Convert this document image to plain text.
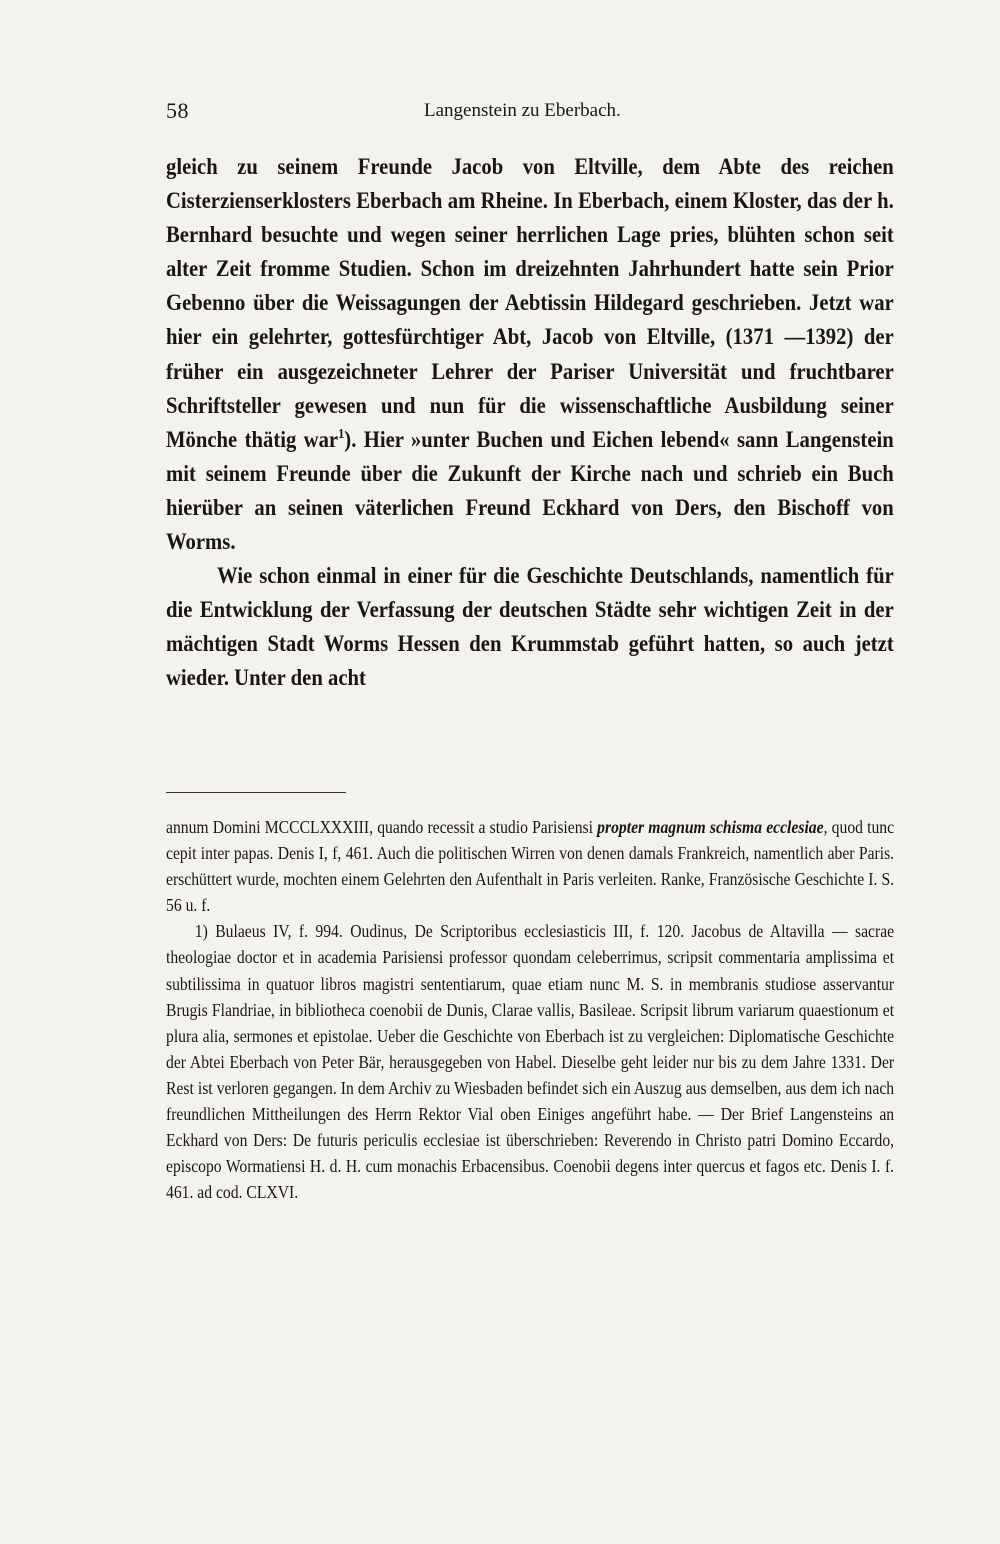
58	Langenstein zu Eberbach.

gleich zu seinem Freunde Jacob von Eltville, dem Abte des reichen Cisterzienserklosters Eberbach am Rheine. In Eberbach, einem Kloster, das der h. Bernhard besuchte und wegen seiner herrlichen Lage pries, blühten schon seit alter Zeit fromme Studien. Schon im dreizehnten Jahrhundert hatte sein Prior Gebenno über die Weissagungen der Aebtissin Hildegard geschrieben. Jetzt war hier ein gelehrter, gottesfürchtiger Abt, Jacob von Eltville, (1371 —1392) der früher ein ausgezeichneter Lehrer der Pariser Universität und fruchtbarer Schriftsteller gewesen und nun für die wissenschaftliche Ausbildung seiner Mönche thätig war$^1$). Hier »unter Buchen und Eichen lebend« sann Langenstein mit seinem Freunde über die Zukunft der Kirche nach und schrieb ein Buch hierüber an seinen väterlichen Freund Eckhard von Ders, den Bischoff von Worms.

Wie schon einmal in einer für die Geschichte Deutschlands, namentlich für die Entwicklung der Verfassung der deutschen Städte sehr wichtigen Zeit in der mächtigen Stadt Worms Hessen den Krummstab geführt hatten, so auch jetzt wieder. Unter den acht

annum Domini MCCCLXXXIII, quando recessit a studio Parisiensi propter magnum schisma ecclesiae, quod tunc cepit inter papas. Denis I, f, 461. Auch die politischen Wirren von denen damals Frankreich, namentlich aber Paris. erschüttert wurde, mochten einem Gelehrten den Aufenthalt in Paris verleiten. Ranke, Französische Geschichte I. S. 56 u. f.

1) Bulaeus IV, f. 994. Oudinus, De Scriptoribus ecclesiasticis III, f. 120. Jacobus de Altavilla — sacrae theologiae doctor et in academia Parisiensi professor quondam celeberrimus, scripsit commentaria amplissima et subtilissima in quatuor libros magistri sententiarum, quae etiam nunc M. S. in membranis studiose asservantur Brugis Flandriae, in bibliotheca coenobii de Dunis, Clarae vallis, Basileae. Scripsit librum variarum quaestionum et plura alia, sermones et epistolae. Ueber die Geschichte von Eberbach ist zu vergleichen: Diplomatische Geschichte der Abtei Eberbach von Peter Bär, herausgegeben von Habel. Dieselbe geht leider nur bis zu dem Jahre 1331. Der Rest ist verloren gegangen. In dem Archiv zu Wiesbaden befindet sich ein Auszug aus demselben, aus dem ich nach freundlichen Mittheilungen des Herrn Rektor Vial oben Einiges angeführt habe. — Der Brief Langensteins an Eckhard von Ders: De futuris periculis ecclesiae ist überschrieben: Reverendo in Christo patri Domino Eccardo, episcopo Wormatiensi H. d. H. cum monachis Erbacensibus. Coenobii degens inter quercus et fagos etc. Denis I. f. 461. ad cod. CLXVI.
